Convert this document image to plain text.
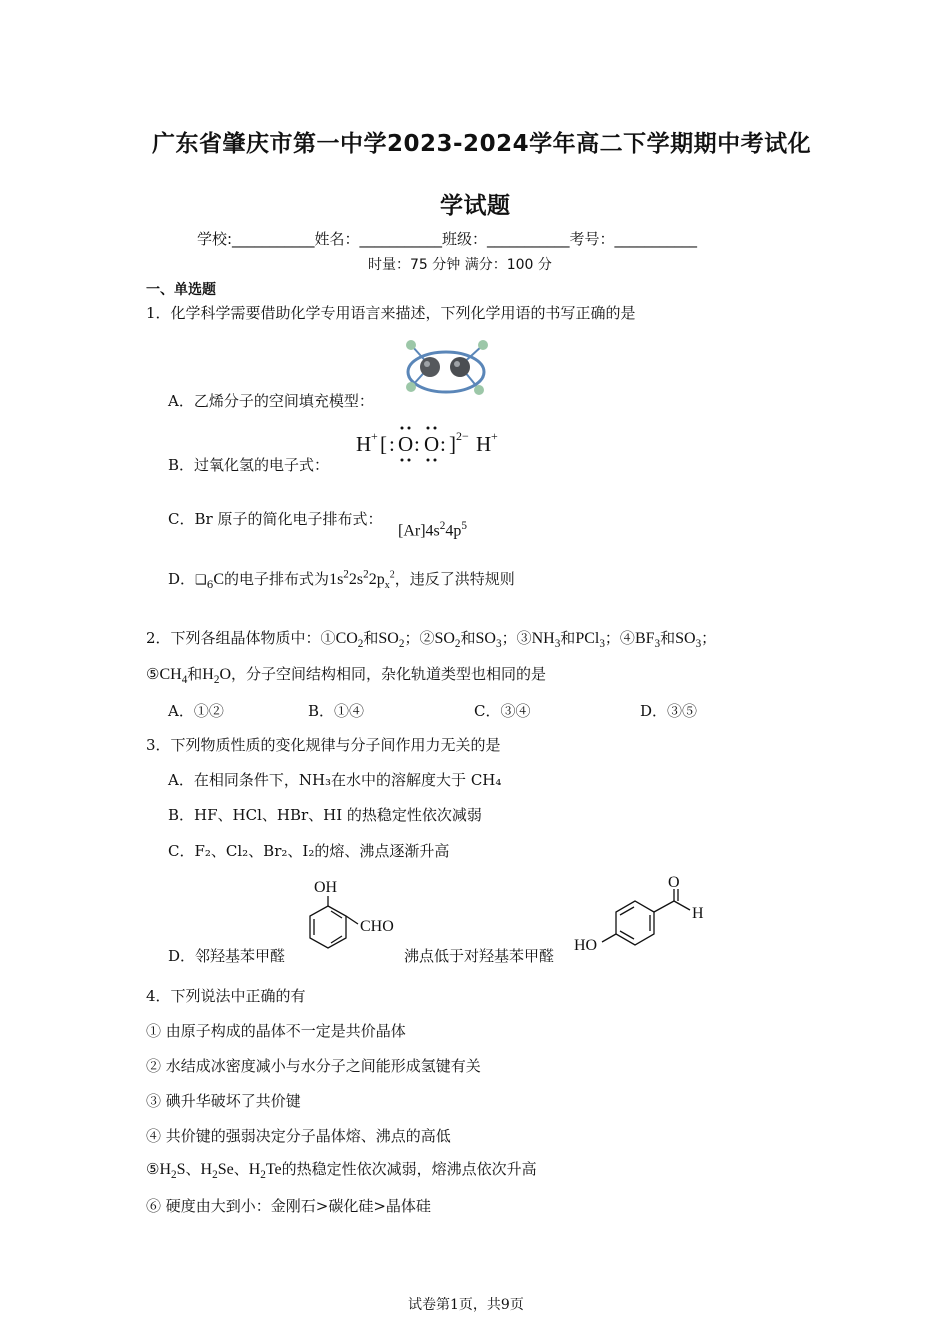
广东省肇庆市第一中学2023-2024学年高二下学期期中考试化
学试题
学校:___________姓名：___________班级：___________考号：___________
时量：75 分钟 满分：100 分
一、单选题
1．化学科学需要借助化学专用语言来描述，下列化学用语的书写正确的是
A．乙烯分子的空间填充模型：
H + [ : O : O : ] 2− H +
B．过氧化氢的电子式：
C．Br 原子的简化电子排布式：
$[Ar]4s^24p^5$
D．$❑_6C$的电子排布式为$1s^22s^22p_x^2$，违反了洪特规则
2．下列各组晶体物质中：$①CO_2$和$SO_2$；$②SO_2$和$SO_3$；$③NH_3$和PCl$_3$；$④BF_3$和$SO_3$；
$⑤CH_4$和$H_2O$，分子空间结构相同，杂化轨道类型也相同的是
A．①②	B．①④	C．③④	D．③⑤
3．下列物质性质的变化规律与分子间作用力无关的是
A．在相同条件下，NH₃在水中的溶解度大于 CH₄
B．HF、HCl、HBr、HI 的热稳定性依次减弱
C．F₂、Cl₂、Br₂、I₂的熔、沸点逐渐升高
OH
CHO
D．邻羟基苯甲醛	沸点低于对羟基苯甲醛
HO
O
H
4．下列说法中正确的有
① 由原子构成的晶体不一定是共价晶体
② 水结成冰密度减小与水分子之间能形成氢键有关
③ 碘升华破坏了共价键
④ 共价键的强弱决定分子晶体熔、沸点的高低
$⑤H_2S$、$H_2Se$、$H_2Te$的热稳定性依次减弱，熔沸点依次升高
⑥ 硬度由大到小：金刚石>碳化硅>晶体硅
试卷第1页，共9页
